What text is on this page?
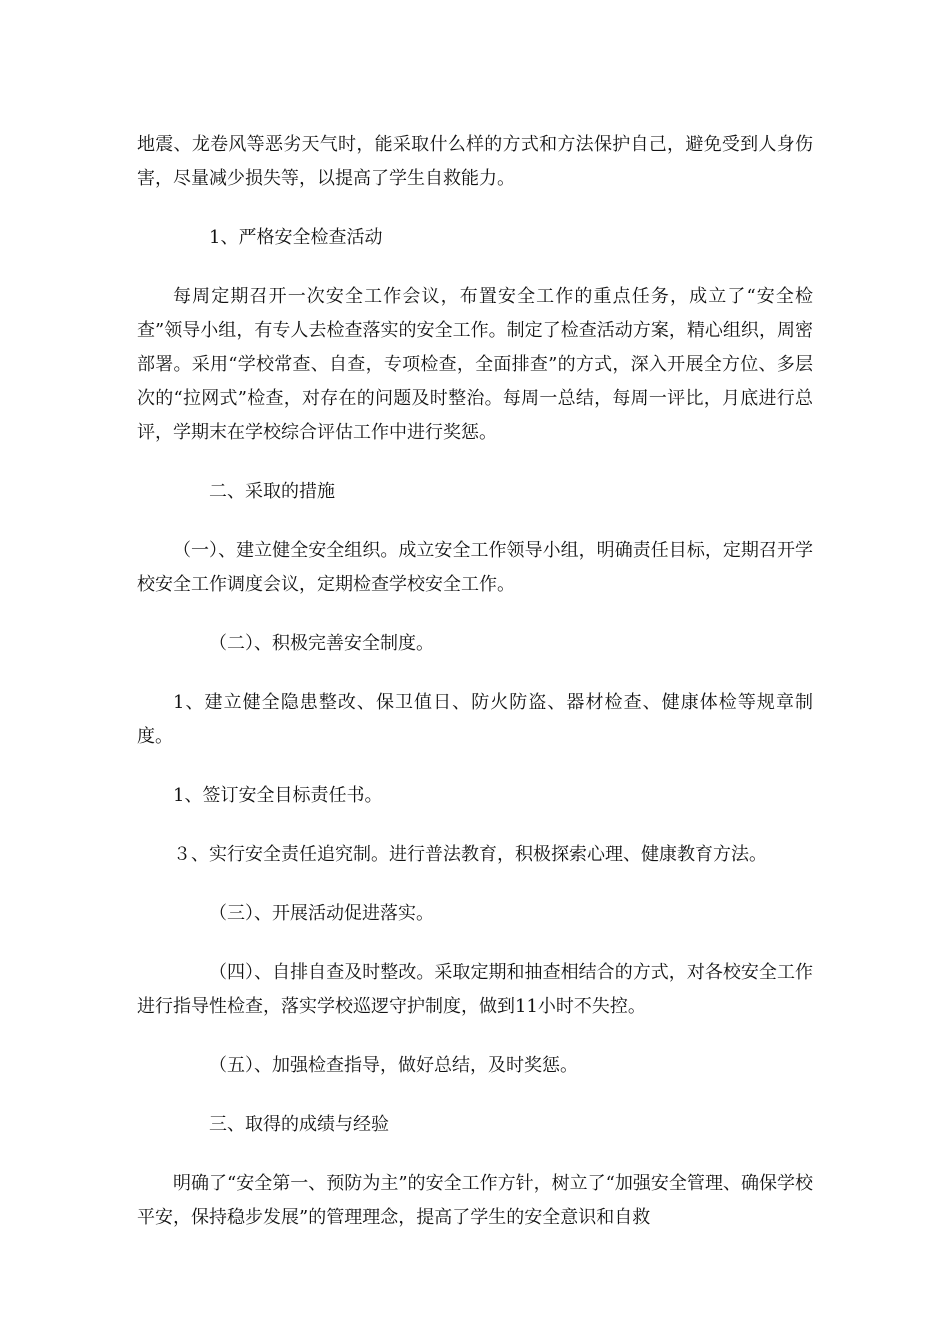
地震、龙卷风等恶劣天气时，能采取什么样的方式和方法保护自己，避免受到人身伤害，尽量减少损失等，以提高了学生自救能力。

1、严格安全检查活动

每周定期召开一次安全工作会议，布置安全工作的重点任务，成立了“安全检查”领导小组，有专人去检查落实的安全工作。制定了检查活动方案，精心组织，周密部署。采用“学校常查、自查，专项检查，全面排查”的方式，深入开展全方位、多层次的“拉网式”检查，对存在的问题及时整治。每周一总结，每周一评比，月底进行总评，学期末在学校综合评估工作中进行奖惩。

二、采取的措施

（一）、建立健全安全组织。成立安全工作领导小组，明确责任目标，定期召开学校安全工作调度会议，定期检查学校安全工作。

（二）、积极完善安全制度。

1、建立健全隐患整改、保卫值日、防火防盗、器材检查、健康体检等规章制度。

1、签订安全目标责任书。

３、实行安全责任追究制。进行普法教育，积极探索心理、健康教育方法。

（三）、开展活动促进落实。

（四）、自排自查及时整改。采取定期和抽查相结合的方式，对各校安全工作进行指导性检查，落实学校巡逻守护制度，做到11小时不失控。

（五）、加强检查指导，做好总结，及时奖惩。

三、取得的成绩与经验

明确了“安全第一、预防为主”的安全工作方针，树立了“加强安全管理、确保学校平安，保持稳步发展”的管理理念，提高了学生的安全意识和自救
